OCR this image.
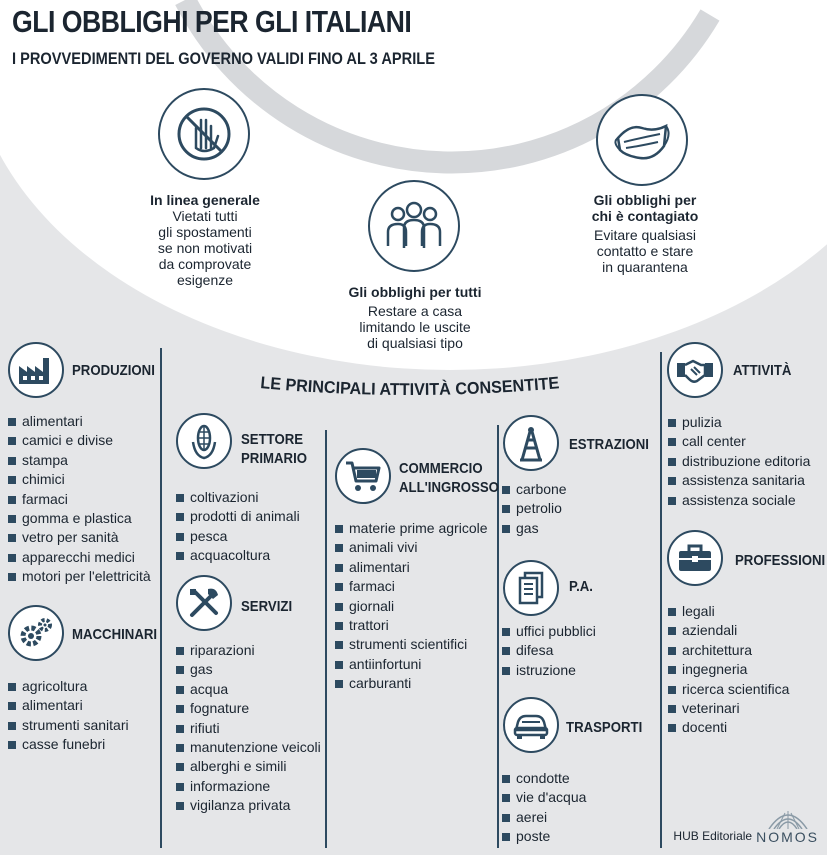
GLI OBBLIGHI PER GLI ITALIANI
I PROVVEDIMENTI DEL GOVERNO VALIDI FINO AL 3 APRILE
In linea generale
Vietati tutti
gli spostamenti
se non motivati
da comprovate
esigenze
Gli obblighi per tutti
Restare a casa
limitando le uscite
di qualsiasi tipo
Gli obblighi per
chi è contagiato
Evitare qualsiasi
contatto e stare
in quarantena
LE PRINCIPALI ATTIVITÀ CONSENTITE
PRODUZIONI
alimentari
camici e divise
stampa
chimici
farmaci
gomma e plastica
vetro per sanità
apparecchi medici
motori per l'elettricità
MACCHINARI
agricoltura
alimentari
strumenti sanitari
casse funebri
SETTORE
PRIMARIO
coltivazioni
prodotti di animali
pesca
acquacoltura
SERVIZI
riparazioni
gas
acqua
fognature
rifiuti
manutenzione veicoli
alberghi e simili
informazione
vigilanza privata
COMMERCIO
ALL'INGROSSO
materie prime agricole
animali vivi
alimentari
farmaci
giornali
trattori
strumenti scientifici
antiinfortuni
carburanti
ESTRAZIONI
carbone
petrolio
gas
P.A.
uffici pubblici
difesa
istruzione
TRASPORTI
condotte
vie d'acqua
aerei
poste
ATTIVITÀ
pulizia
call center
distribuzione editoria
assistenza sanitaria
assistenza sociale
PROFESSIONI
legali
aziendali
architettura
ingegneria
ricerca scientifica
veterinari
docenti
HUB Editoriale NOMOS
